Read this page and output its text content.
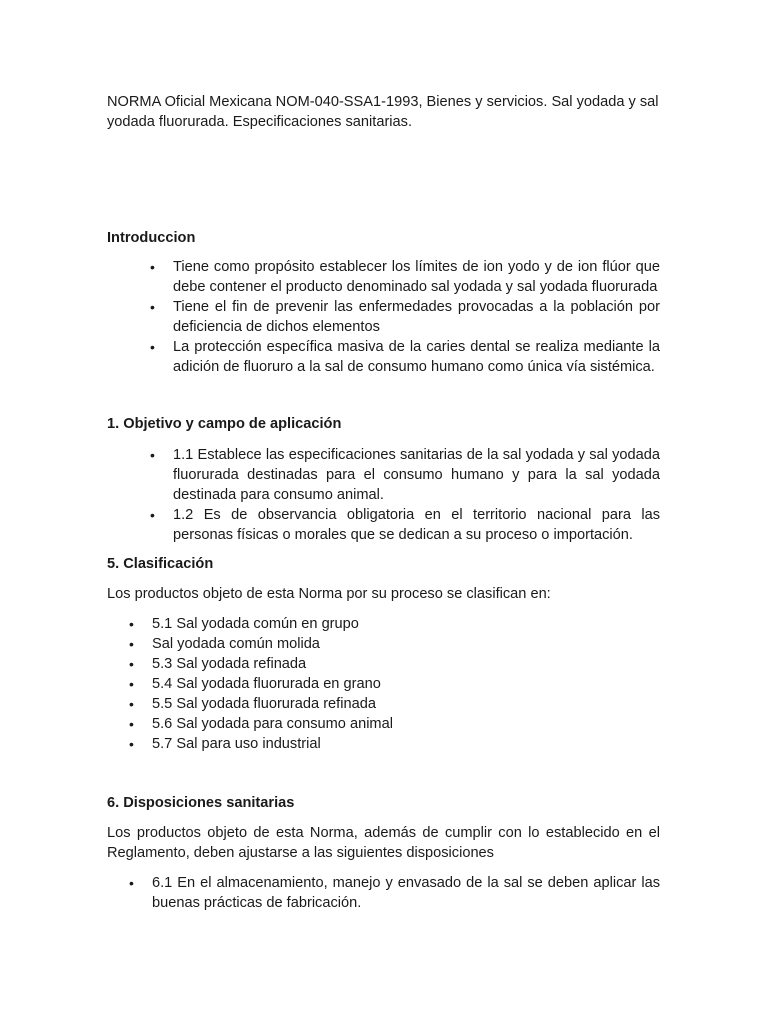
NORMA Oficial Mexicana NOM-040-SSA1-1993, Bienes y servicios. Sal yodada y sal yodada fluorurada. Especificaciones sanitarias.

Introduccion
• Tiene como propósito establecer los límites de ion yodo y de ion flúor que debe contener el producto denominado sal yodada y sal yodada fluorurada
• Tiene el fin de prevenir las enfermedades provocadas a la población por deficiencia de dichos elementos
• La protección específica masiva de la caries dental se realiza mediante la adición de fluoruro a la sal de consumo humano como única vía sistémica.
1. Objetivo y campo de aplicación
• 1.1 Establece las especificaciones sanitarias de la sal yodada y sal yodada fluorurada destinadas para el consumo humano y para la sal yodada destinada para consumo animal.
• 1.2 Es de observancia obligatoria en el territorio nacional para las personas físicas o morales que se dedican a su proceso o importación.
5. Clasificación

Los productos objeto de esta Norma por su proceso se clasifican en:

• 5.1 Sal yodada común en grupo
• Sal yodada común molida
• 5.3 Sal yodada refinada
• 5.4 Sal yodada fluorurada en grano
• 5.5 Sal yodada fluorurada refinada
• 5.6 Sal yodada para consumo animal
• 5.7 Sal para uso industrial
6. Disposiciones sanitarias

Los productos objeto de esta Norma, además de cumplir con lo establecido en el Reglamento, deben ajustarse a las siguientes disposiciones

• 6.1 En el almacenamiento, manejo y envasado de la sal se deben aplicar las buenas prácticas de fabricación.
